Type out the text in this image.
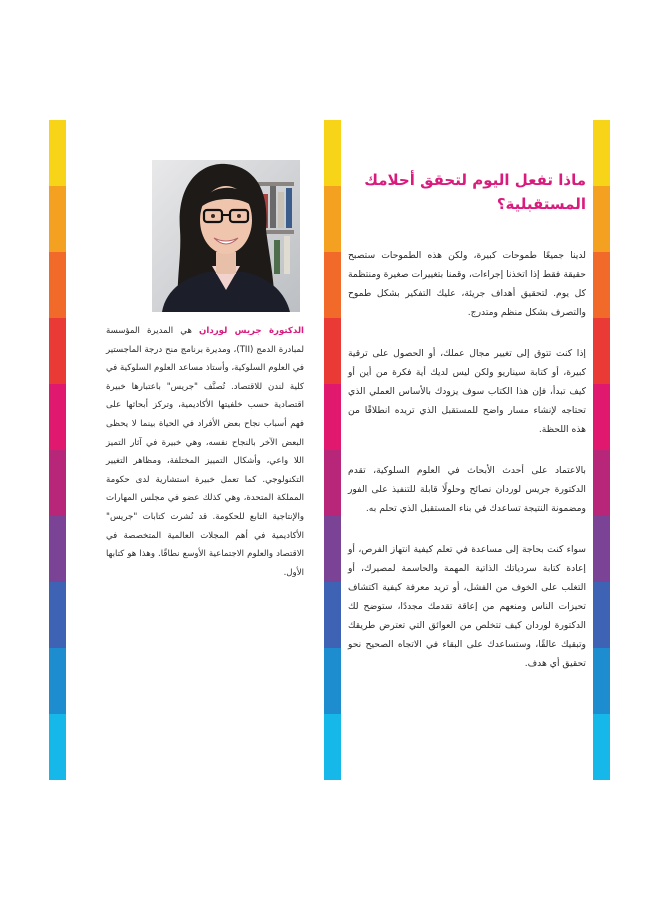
ماذا تفعل اليوم لتحقق أحلامك المستقبلية؟

لدينا جميعًا طموحات كبيرة، ولكن هذه الطموحات ستصبح حقيقة فقط إذا اتخذنا إجراءات، وقمنا بتغييرات صغيرة ومنتظمة كل يوم. لتحقيق أهداف جريئة، عليك التفكير بشكل طموح والتصرف بشكل منظم ومتدرج.

إذا كنت تتوق إلى تغيير مجال عملك، أو الحصول على ترقية كبيرة، أو كتابة سيناريو ولكن ليس لديك أية فكرة من أين أو كيف تبدأ، فإن هذا الكتاب سوف يزودك بالأساس العملي الذي تحتاجه لإنشاء مسار واضح للمستقبل الذي تريده انطلاقًا من هذه اللحظة.

بالاعتماد على أحدث الأبحاث في العلوم السلوكية، تقدم الدكتورة جريس لوردان نصائح وحلولًا قابلة للتنفيذ على الفور ومضمونة النتيجة تساعدك في بناء المستقبل الذي تحلم به.

سواء كنت بحاجة إلى مساعدة في تعلم كيفية انتهاز الفرص، أو إعادة كتابة سردياتك الذاتية المهمة والحاسمة لمصيرك، أو التغلب على الخوف من الفشل، أو تريد معرفة كيفية اكتشاف تحيزات الناس ومنعهم من إعاقة تقدمك مجددًا، ستوضح لك الدكتورة لوردان كيف تتخلص من العوائق التي تعترض طريقك وتبقيك عالقًا، وستساعدك على البقاء في الاتجاه الصحيح نحو تحقيق أي هدف.

الدكتورة جريس لوردان هي المديرة المؤسسة لمبادرة الدمج (TII)، ومديرة برنامج منح درجة الماجستير في العلوم السلوكية، وأستاذ مساعد العلوم السلوكية في كلية لندن للاقتصاد. تُصنَّف "جريس" باعتبارها خبيرة اقتصادية حسب خلفيتها الأكاديمية، وتركز أبحاثها على فهم أسباب نجاح بعض الأفراد في الحياة بينما لا يحظى البعض الآخر بالنجاح نفسه، وهي خبيرة في آثار التميز اللا واعي، وأشكال التمييز المختلفة، ومظاهر التغيير التكنولوجي. كما تعمل خبيرة استشارية لدى حكومة المملكة المتحدة، وهي كذلك عضو في مجلس المهارات والإنتاجية التابع للحكومة. قد نُشرت كتابات "جريس" الأكاديمية في أهم المجلات العالمية المتخصصة في الاقتصاد والعلوم الاجتماعية الأوسع نطاقًا. وهذا هو كتابها الأول.
